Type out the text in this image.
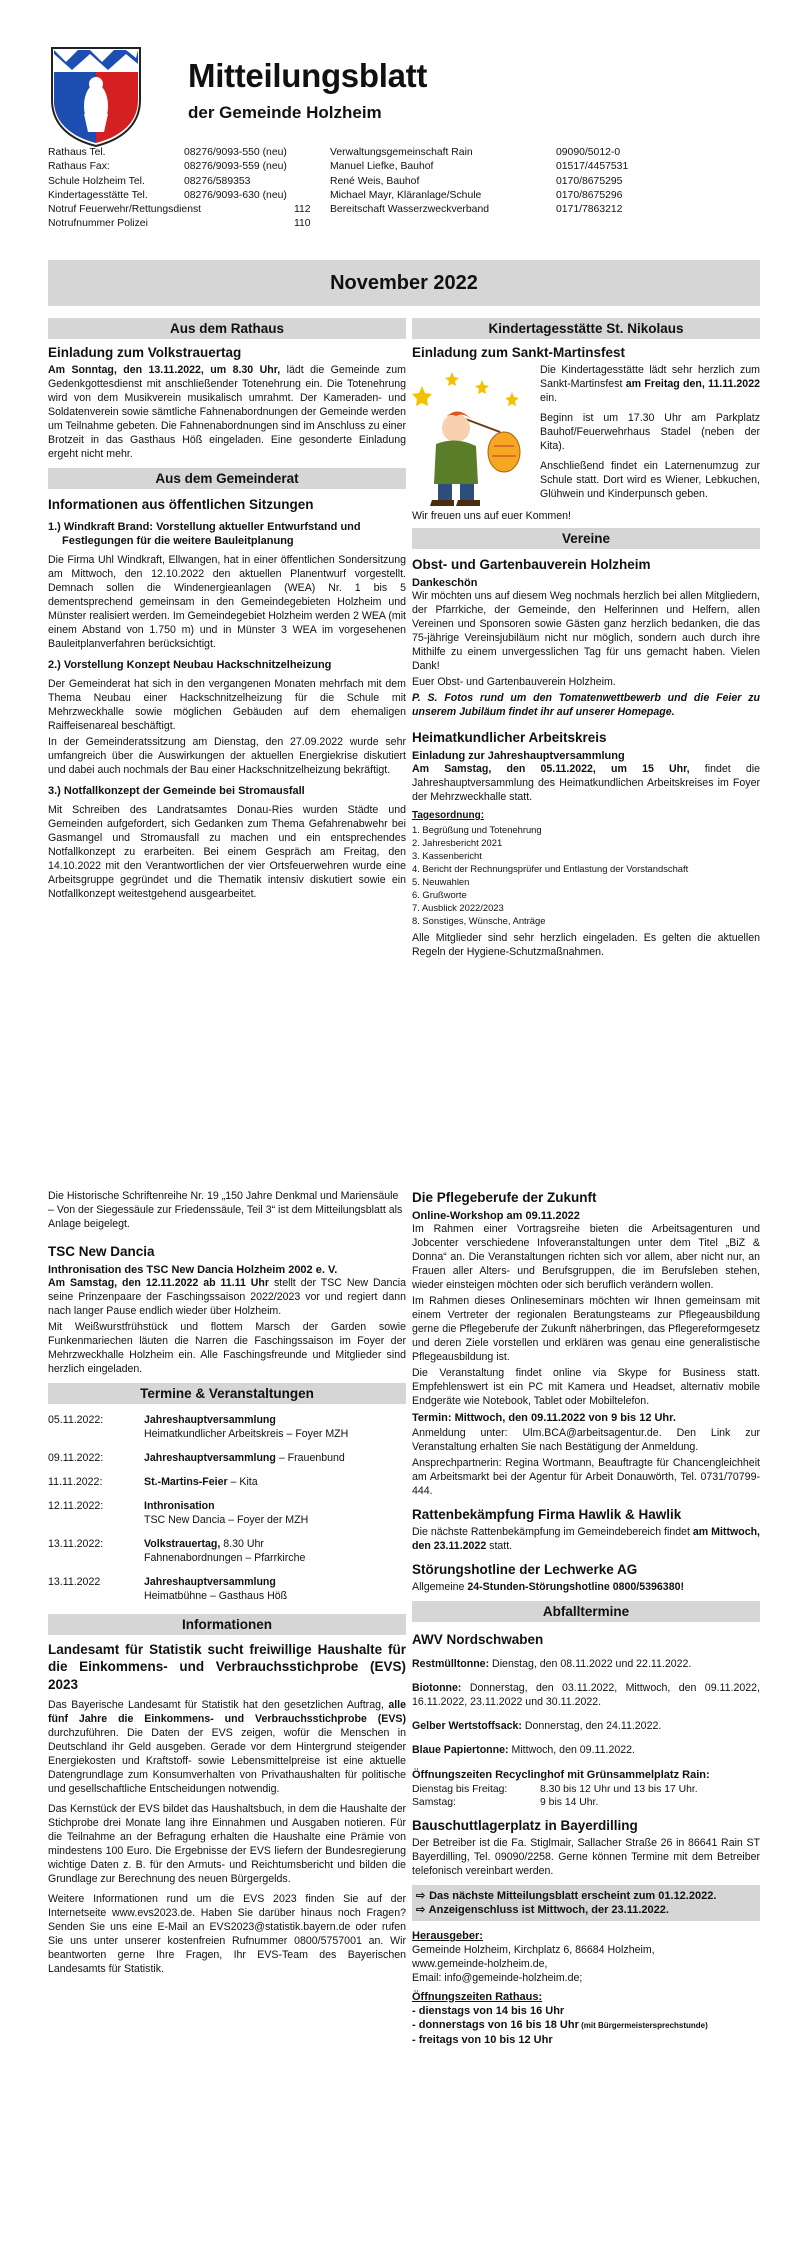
Mitteilungsblatt
der Gemeinde Holzheim
Rathaus Tel.	08276/9093-550 (neu)
Rathaus Fax:	08276/9093-559 (neu)
Schule Holzheim Tel.	08276/589353
Kindertagesstätte Tel.	08276/9093-630 (neu)
Notruf Feuerwehr/Rettungsdienst	112
Notrufnummer Polizei	110
Verwaltungsgemeinschaft Rain	09090/5012-0
Manuel Liefke, Bauhof	01517/4457531
René Weis, Bauhof	0170/8675295
Michael Mayr, Kläranlage/Schule	0170/8675296
Bereitschaft Wasserzweckverband	0171/7863212
November 2022
Aus dem Rathaus
Einladung zum Volkstrauertag

Am Sonntag, den 13.11.2022, um 8.30 Uhr, lädt die Gemeinde zum Gedenkgottesdienst mit anschließender Totenehrung ein. Die Totenehrung wird von dem Musikverein musikalisch umrahmt. Der Kameraden- und Soldatenverein sowie sämtliche Fahnenabordnungen der Gemeinde werden um Teilnahme gebeten. Die Fahnenabordnungen sind im Anschluss zu einer Brotzeit in das Gasthaus Höß eingeladen. Eine gesonderte Einladung ergeht nicht mehr.

Aus dem Gemeinderat
Informationen aus öffentlichen Sitzungen
1.) Windkraft Brand: Vorstellung aktueller Entwurfstand und Festlegungen für die weitere Bauleitplanung

Die Firma Uhl Windkraft, Ellwangen, hat in einer öffentlichen Sondersitzung am Mittwoch, den 12.10.2022 den aktuellen Planentwurf vorgestellt. Demnach sollen die Windenergieanlagen (WEA) Nr. 1 bis 5 dementsprechend gemeinsam in den Gemeindegebieten Holzheim und Münster realisiert werden. Im Gemeindegebiet Holzheim werden 2 WEA (mit einem Abstand von 1.750 m) und in Münster 3 WEA im vorgesehenen Bauleitplanverfahren berücksichtigt.

2.) Vorstellung Konzept Neubau Hackschnitzelheizung

Der Gemeinderat hat sich in den vergangenen Monaten mehrfach mit dem Thema Neubau einer Hackschnitzelheizung für die Schule mit Mehrzweckhalle sowie möglichen Gebäuden auf dem ehemaligen Raiffeisenareal beschäftigt.

In der Gemeinderatssitzung am Dienstag, den 27.09.2022 wurde sehr umfangreich über die Auswirkungen der aktuellen Energiekrise diskutiert und dabei auch nochmals der Bau einer Hackschnitzelheizung bekräftigt.

3.) Notfallkonzept der Gemeinde bei Stromausfall

Mit Schreiben des Landratsamtes Donau-Ries wurden Städte und Gemeinden aufgefordert, sich Gedanken zum Thema Gefahrenabwehr bei Gasmangel und Stromausfall zu machen und ein entsprechendes Notfallkonzept zu erarbeiten. Bei einem Gespräch am Freitag, den 14.10.2022 mit den Verantwortlichen der vier Ortsfeuerwehren wurde eine Arbeitsgruppe gegründet und die Thematik intensiv diskutiert sowie ein Notfallkonzept weitestgehend ausgearbeitet.

Kindertagesstätte St. Nikolaus
Einladung zum Sankt-Martinsfest

Die Kindertagesstätte lädt sehr herzlich zum Sankt-Martinsfest am Freitag den, 11.11.2022 ein.

Beginn ist um 17.30 Uhr am Parkplatz Bauhof/Feuerwehrhaus Stadel (neben der Kita).

Anschließend findet ein Laternenumzug zur Schule statt. Dort wird es Wiener, Lebkuchen, Glühwein und Kinderpunsch geben.

Wir freuen uns auf euer Kommen!

Vereine
Obst- und Gartenbauverein Holzheim
Dankeschön

Wir möchten uns auf diesem Weg nochmals herzlich bei allen Mitgliedern, der Pfarrkiche, der Gemeinde, den Helferinnen und Helfern, allen Vereinen und Sponsoren sowie Gästen ganz herzlich bedanken, die das 75-jährige Vereinsjubiläum nicht nur möglich, sondern auch durch ihre Mithilfe zu einem unvergesslichen Tag für uns gemacht haben. Vielen Dank!

Euer Obst- und Gartenbauverein Holzheim.

P. S. Fotos rund um den Tomatenwettbewerb und die Feier zu unserem Jubiläum findet ihr auf unserer Homepage.

Heimatkundlicher Arbeitskreis
Einladung zur Jahreshauptversammlung

Am Samstag, den 05.11.2022, um 15 Uhr, findet die Jahreshauptversammlung des Heimatkundlichen Arbeitskreises im Foyer der Mehrzweckhalle statt.

Tagesordnung:
1. Begrüßung und Totenehrung
2. Jahresbericht 2021
3. Kassenbericht
4. Bericht der Rechnungsprüfer und Entlastung der Vorstandschaft
5. Neuwahlen
6. Grußworte
7. Ausblick 2022/2023
8. Sonstiges, Wünsche, Anträge

Alle Mitglieder sind sehr herzlich eingeladen. Es gelten die aktuellen Regeln der Hygiene-Schutzmaßnahmen.

Die Historische Schriftenreihe Nr. 19 „150 Jahre Denkmal und Mariensäule – Von der Siegessäule zur Friedenssäule, Teil 3“ ist dem Mitteilungsblatt als Anlage beigelegt.

TSC New Dancia
Inthronisation des TSC New Dancia Holzheim 2002 e. V.

Am Samstag, den 12.11.2022 ab 11.11 Uhr stellt der TSC New Dancia seine Prinzenpaare der Faschingssaison 2022/2023 vor und regiert dann nach langer Pause endlich wieder über Holzheim.

Mit Weißwurstfrühstück und flottem Marsch der Garden sowie Funkenmariechen läuten die Narren die Faschingssaison im Foyer der Mehrzweckhalle Holzheim ein. Alle Faschingsfreunde und Mitglieder sind herzlich eingeladen.

Termine & Veranstaltungen
05.11.2022:	Jahreshauptversammlung
Heimatkundlicher Arbeitskreis – Foyer MZH
09.11.2022:	Jahreshauptversammlung – Frauenbund
11.11.2022:	St.-Martins-Feier – Kita
12.11.2022:	Inthronisation
TSC New Dancia – Foyer der MZH
13.11.2022:	Volkstrauertag, 8.30 Uhr
Fahnenabordnungen – Pfarrkirche
13.11.2022	Jahreshauptversammlung
Heimatbühne – Gasthaus Höß
Informationen
Landesamt für Statistik sucht freiwillige Haushalte für die Einkommens- und Verbrauchsstichprobe (EVS) 2023

Das Bayerische Landesamt für Statistik hat den gesetzlichen Auftrag, alle fünf Jahre die Einkommens- und Verbrauchsstichprobe (EVS) durchzuführen. Die Daten der EVS zeigen, wofür die Menschen in Deutschland ihr Geld ausgeben. Gerade vor dem Hintergrund steigender Energiekosten und Kraftstoff- sowie Lebensmittelpreise ist eine aktuelle Datengrundlage zum Konsumverhalten von Privathaushalten für politische und gesellschaftliche Entscheidungen notwendig.

Das Kernstück der EVS bildet das Haushaltsbuch, in dem die Haushalte der Stichprobe drei Monate lang ihre Einnahmen und Ausgaben notieren. Für die Teilnahme an der Befragung erhalten die Haushalte eine Prämie von mindestens 100 Euro. Die Ergebnisse der EVS liefern der Bundesregierung wichtige Daten z. B. für den Armuts- und Reichtumsbericht und bilden die Grundlage zur Berechnung des neuen Bürgergelds.

Weitere Informationen rund um die EVS 2023 finden Sie auf der Internetseite www.evs2023.de. Haben Sie darüber hinaus noch Fragen? Senden Sie uns eine E-Mail an EVS2023@statistik.bayern.de oder rufen Sie uns unter unserer kostenfreien Rufnummer 0800/5757001 an. Wir beantworten gerne Ihre Fragen, Ihr EVS-Team des Bayerischen Landesamts für Statistik.

Die Pflegeberufe der Zukunft
Online-Workshop am 09.11.2022

Im Rahmen einer Vortragsreihe bieten die Arbeitsagenturen und Jobcenter verschiedene Infoveranstaltungen unter dem Titel „BiZ & Donna“ an. Die Veranstaltungen richten sich vor allem, aber nicht nur, an Frauen aller Alters- und Berufsgruppen, die im Berufsleben stehen, wieder einsteigen möchten oder sich beruflich verändern wollen.

Im Rahmen dieses Onlineseminars möchten wir Ihnen gemeinsam mit einem Vertreter der regionalen Beratungsteams zur Pflegeausbildung gerne die Pflegeberufe der Zukunft näherbringen, das Pflegereformgesetz und deren Ziele vorstellen und erklären was genau eine generalistische Pflegeausbildung ist.

Die Veranstaltung findet online via Skype for Business statt. Empfehlenswert ist ein PC mit Kamera und Headset, alternativ mobile Endgeräte wie Notebook, Tablet oder Mobiltelefon.

Termin: Mittwoch, den 09.11.2022 von 9 bis 12 Uhr.

Anmeldung unter: Ulm.BCA@arbeitsagentur.de. Den Link zur Veranstaltung erhalten Sie nach Bestätigung der Anmeldung.

Ansprechpartnerin: Regina Wortmann, Beauftragte für Chancengleichheit am Arbeitsmarkt bei der Agentur für Arbeit Donauwörth, Tel. 0731/70799-444.

Rattenbekämpfung Firma Hawlik & Hawlik

Die nächste Rattenbekämpfung im Gemeindebereich findet am Mittwoch, den 23.11.2022 statt.

Störungshotline der Lechwerke AG

Allgemeine 24-Stunden-Störungshotline 0800/5396380!

Abfalltermine
AWV Nordschwaben

Restmülltonne: Dienstag, den 08.11.2022 und 22.11.2022.

Biotonne: Donnerstag, den 03.11.2022, Mittwoch, den 09.11.2022, 16.11.2022, 23.11.2022 und 30.11.2022.

Gelber Wertstoffsack: Donnerstag, den 24.11.2022.

Blaue Papiertonne: Mittwoch, den 09.11.2022.

Öffnungszeiten Recyclinghof mit Grünsammelplatz Rain:
Dienstag bis Freitag:	8.30 bis 12 Uhr und 13 bis 17 Uhr.
Samstag:	9 bis 14 Uhr.
Bauschuttlagerplatz in Bayerdilling

Der Betreiber ist die Fa. Stiglmair, Sallacher Straße 26 in 86641 Rain ST Bayerdilling, Tel. 09090/2258. Gerne können Termine mit dem Betreiber telefonisch vereinbart werden.

⇨ Das nächste Mitteilungsblatt erscheint zum 01.12.2022.
⇨ Anzeigenschluss ist Mittwoch, der 23.11.2022.
Herausgeber:
Gemeinde Holzheim, Kirchplatz 6, 86684 Holzheim,
www.gemeinde-holzheim.de,
Email: info@gemeinde-holzheim.de;
Öffnungszeiten Rathaus:
- dienstags von 14 bis 16 Uhr
- donnerstags von 16 bis 18 Uhr (mit Bürgermeistersprechstunde)
- freitags von 10 bis 12 Uhr
